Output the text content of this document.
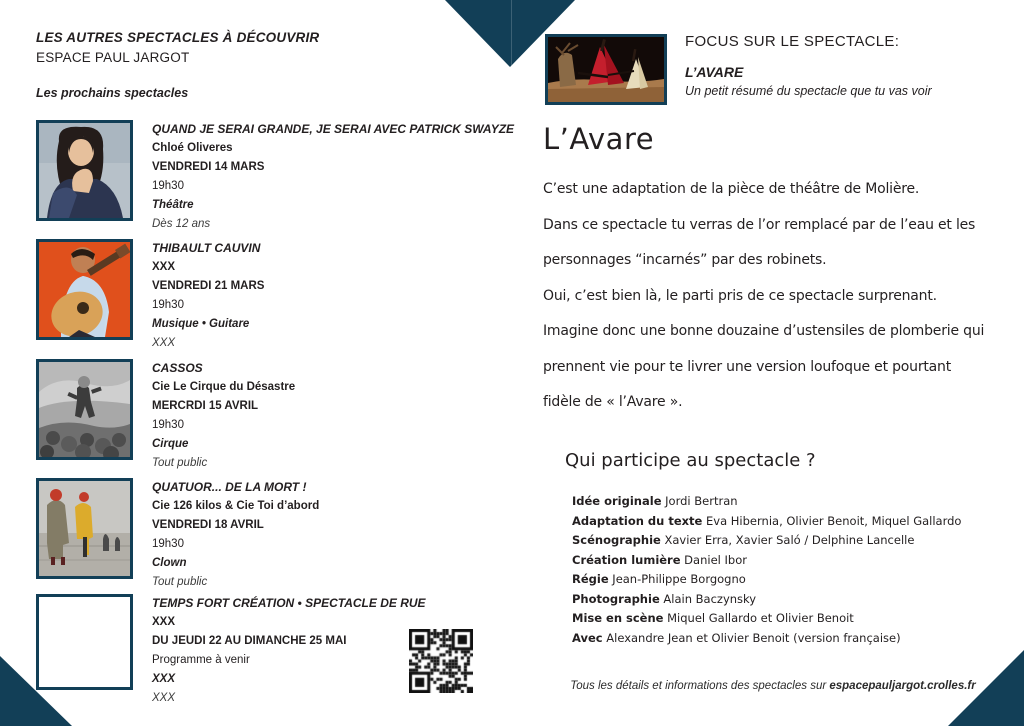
LES AUTRES SPECTACLES À DÉCOUVRIR
ESPACE PAUL JARGOT
Les prochains spectacles
QUAND JE SERAI GRANDE, JE SERAI AVEC PATRICK SWAYZE
Chloé Oliveres
VENDREDI 14 MARS
19h30
Théâtre
Dès 12 ans
THIBAULT CAUVIN
XXX
VENDREDI 21 MARS
19h30
Musique • Guitare
XXX
CASSOS
Cie Le Cirque du Désastre
MERCRDI 15 AVRIL
19h30
Cirque
Tout public
QUATUOR... DE LA MORT !
Cie 126 kilos & Cie Toi d’abord
VENDREDI 18 AVRIL
19h30
Clown
Tout public
TEMPS FORT CRÉATION • SPECTACLE DE RUE
XXX
DU JEUDI 22 AU DIMANCHE 25 MAI
Programme à venir
XXX
XXX
FOCUS SUR LE SPECTACLE:
L’AVARE
Un petit résumé du spectacle que tu vas voir
L’Avare
C’est une adaptation de la pièce de théâtre de Molière.
Dans ce spectacle tu verras de l’or remplacé par de l’eau et les
personnages “incarnés” par des robinets.
Oui, c’est bien là, le parti pris de ce spectacle surprenant.
Imagine donc une bonne douzaine d’ustensiles de plomberie qui
prennent vie pour te livrer une version loufoque et pourtant
fidèle de « l’Avare ».
Qui participe au spectacle ?
Idée originale Jordi Bertran
Adaptation du texte Eva Hibernia, Olivier Benoit, Miquel Gallardo
Scénographie Xavier Erra, Xavier Saló / Delphine Lancelle
Création lumière Daniel Ibor
Régie Jean-Philippe Borgogno
Photographie Alain Baczynsky
Mise en scène Miquel Gallardo et Olivier Benoit
Avec Alexandre Jean et Olivier Benoit (version française)
Tous les détails et informations des spectacles sur espacepauljargot.crolles.fr
